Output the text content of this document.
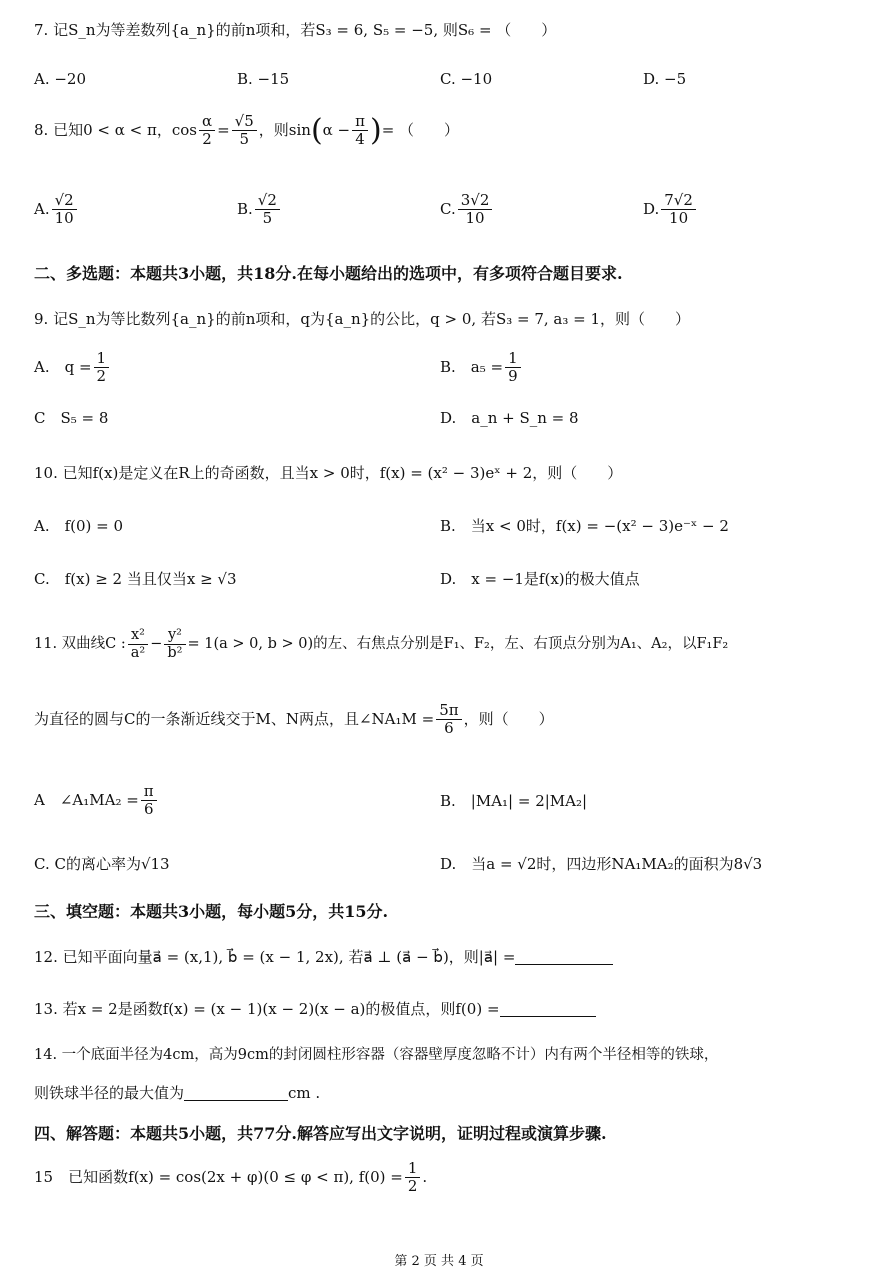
7. 记S_n为等差数列{a_n}的前n项和，若S₃ = 6, S₅ = −5, 则S₆ = （　　）
A. −20	B. −15	C. −10	D. −5
8. 已知0 < α < π，$\cos \frac{\alpha}{2} = \frac{√5}{5}$ ，则$\sin(\alpha - \frac{\pi}{4}$ )= （　　）
A. $\frac{√2}{10}$	B. $\frac{√2}{5}$	C. $\frac{3√2}{10}$	D. $\frac{7√2}{10}$
二、多选题：本题共3小题，共18分.在每小题给出的选项中，有多项符合题目要求.
9. 记S_n为等比数列{a_n}的前n项和，q为{a_n}的公比，q > 0, 若S₃ = 7, a₃ = 1，则（　　）
A.　$q = \frac{1}{2}$	B.　$a_5 = \frac{1}{9}$
C　S₅ = 8	D.　a_n + S_n = 8
10. 已知f(x)是定义在R上的奇函数，且当x > 0时，f(x) = (x² − 3)eˣ + 2，则（　　）
A.　f(0) = 0	B.　当x < 0时，f(x) = −(x² − 3)e⁻ˣ − 2
C.　f(x) ≥ 2 当且仅当x ≥ √3	D.　x = −1是f(x)的极大值点
11. 双曲线C : $\frac{\text{x²}}{\text{a²}} - \frac{\text{y²}}{\text{b²}} = 1(a > 0$, b > 0)的左、右焦点分别是F₁、F₂，左、右顶点分别为A₁、A₂，以F₁F₂
为直径的圆与C的一条渐近线交于M、N两点，且∠NA₁M = $\frac{5\pi}{6}$ ，则（　　）
A　∠A₁MA₂ = $\frac{\pi}{6}$	B.　|MA₁| = 2|MA₂|
C. C的离心率为√13	D.　当a = √2时，四边形NA₁MA₂的面积为8√3
三、填空题：本题共3小题，每小题5分，共15分.
12. 已知平面向量a⃗ = (x,1), b⃗ = (x − 1, 2x), 若a⃗ ⊥ (a⃗ − b⃗)，则|a⃗| =
13. 若x = 2是函数f(x) = (x − 1)(x − 2)(x − a)的极值点，则f(0) =
14. 一个底面半径为4cm，高为9cm的封闭圆柱形容器（容器壁厚度忽略不计）内有两个半径相等的铁球，
则铁球半径的最大值为	cm .
四、解答题：本题共5小题，共77分.解答应写出文字说明，证明过程或演算步骤.
15　已知函数f(x) = cos(2x + φ)(0 ≤ φ < π), $f(0) = \frac{1}{2}$ .
第 2 页 共 4 页
